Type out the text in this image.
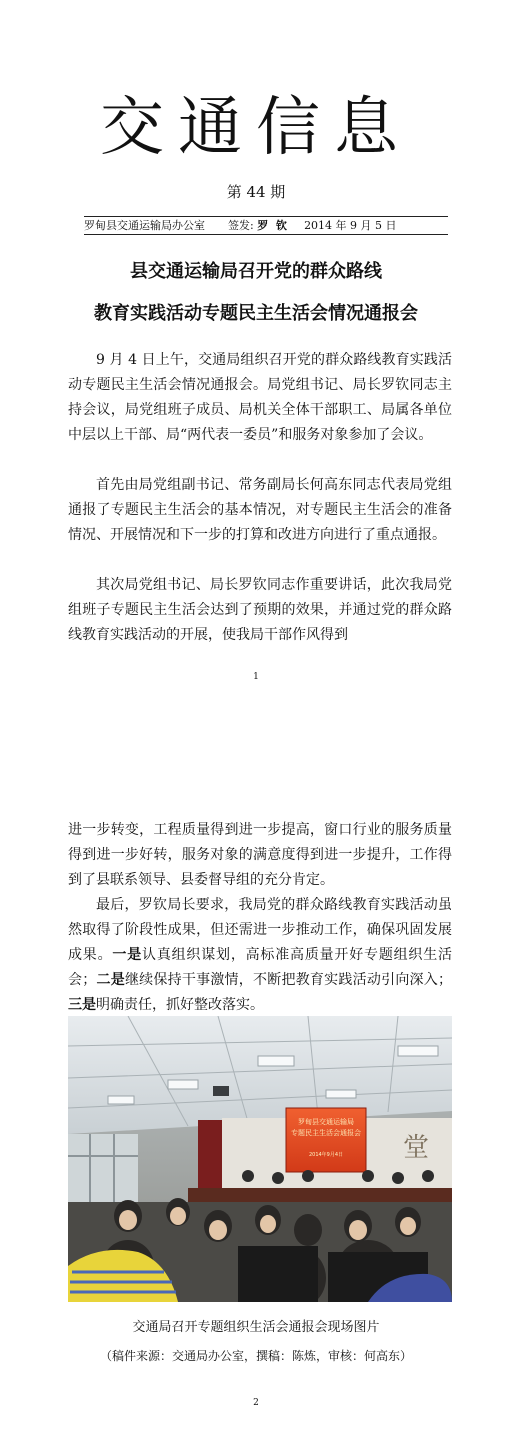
交通信息
第 44 期
罗甸县交通运输局办公室 签发: 罗 钦 2014 年 9 月 5 日
县交通运输局召开党的群众路线
教育实践活动专题民主生活会情况通报会
9 月 4 日上午，交通局组织召开党的群众路线教育实践活动专题民主生活会情况通报会。局党组书记、局长罗钦同志主持会议，局党组班子成员、局机关全体干部职工、局属各单位中层以上干部、局“两代表一委员”和服务对象参加了会议。
首先由局党组副书记、常务副局长何高东同志代表局党组通报了专题民主生活会的基本情况，对专题民主生活会的准备情况、开展情况和下一步的打算和改进方向进行了重点通报。
其次局党组书记、局长罗钦同志作重要讲话，此次我局党组班子专题民主生活会达到了预期的效果，并通过党的群众路线教育实践活动的开展，使我局干部作风得到
1
进一步转变，工程质量得到进一步提高，窗口行业的服务质量得到进一步好转，服务对象的满意度得到进一步提升，工作得到了县联系领导、县委督导组的充分肯定。
最后，罗钦局长要求，我局党的群众路线教育实践活动虽然取得了阶段性成果，但还需进一步推动工作，确保巩固发展成果。一是认真组织谋划，高标准高质量开好专题组织生活会；二是继续保持干事激情，不断把教育实践活动引向深入；三是明确责任，抓好整改落实。
堂
罗甸县交通运输局
专题民主生活会通报会
2014年9月4日
交通局召开专题组织生活会通报会现场图片
（稿件来源：交通局办公室，撰稿：陈炼，审核：何高东）
2
